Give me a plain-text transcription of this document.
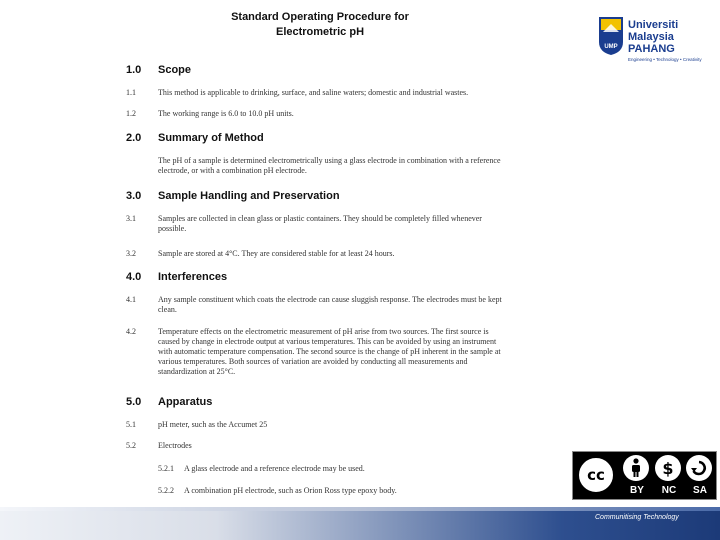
Standard Operating Procedure for
Electrometric pH
UMP
Universiti
Malaysia
PAHANG
Engineering • Technology • Creativity
1.0 Scope
1.1	This method is applicable to drinking, surface, and saline waters; domestic and industrial wastes.
1.2	The working range is 6.0 to 10.0 pH units.
2.0 Summary of Method
The pH of a sample is determined electrometrically using a glass electrode in combination with a reference electrode, or with a combination pH electrode.
3.0 Sample Handling and Preservation
3.1	Samples are collected in clean glass or plastic containers. They should be completely filled whenever possible.
3.2	Sample are stored at 4°C. They are considered stable for at least 24 hours.
4.0 Interferences
4.1	Any sample constituent which coats the electrode can cause sluggish response. The electrodes must be kept clean.
4.2	Temperature effects on the electrometric measurement of pH arise from two sources. The first source is caused by change in electrode output at various temperatures. This can be avoided by using an instrument with automatic temperature compensation. The second source is the change of pH inherent in the sample at various temperatures. Both sources of variation are avoided by conducting all measurements and standardization at 25°C.
5.0 Apparatus
5.1	pH meter, such as the Accumet 25
5.2	Electrodes
5.2.1 A glass electrode and a reference electrode may be used.
5.2.2 A combination pH electrode, such as Orion Ross type epoxy body.
cc	$
BY	NC	SA
Communitising Technology
